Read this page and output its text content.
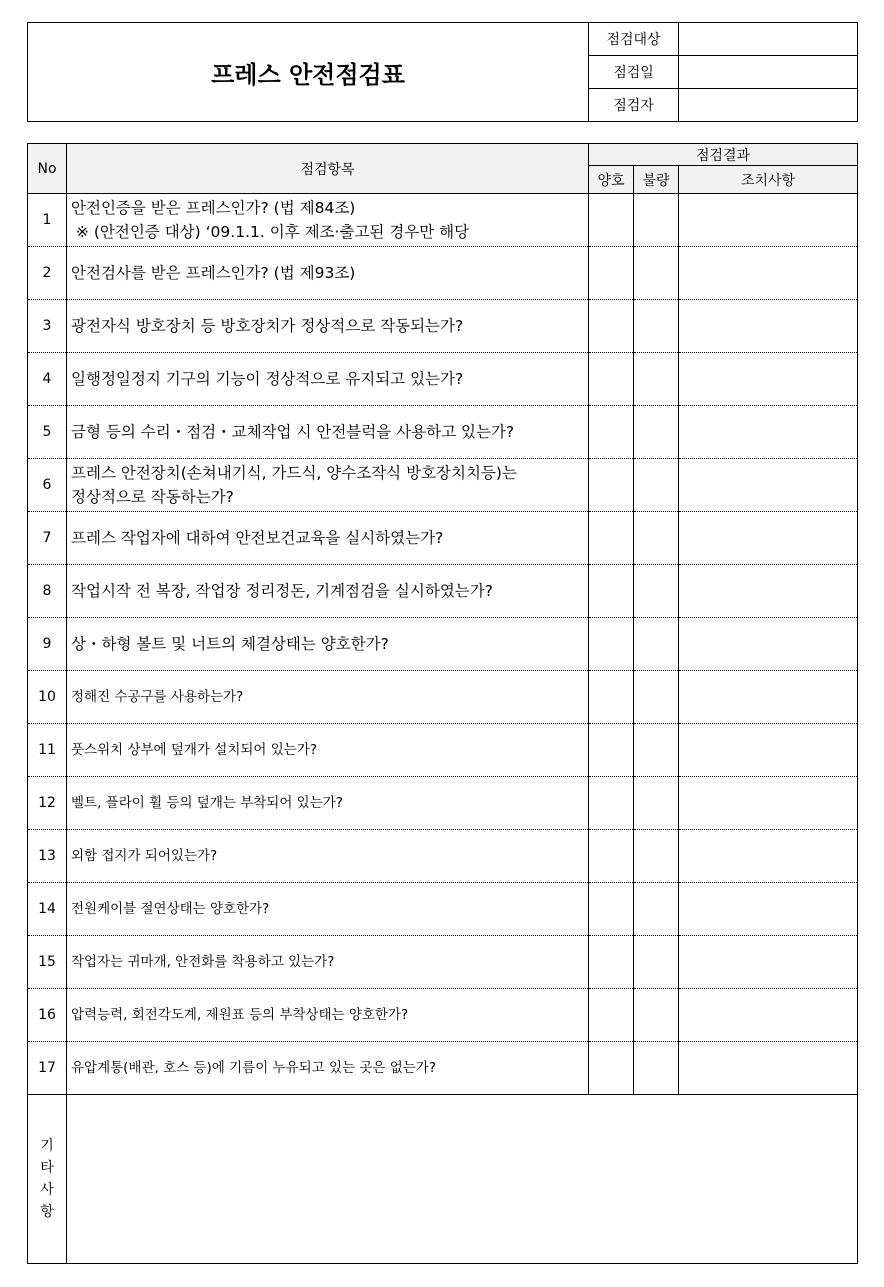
프레스 안전점검표	점검대상	
	점검일	
	점검자	
No	점검항목	점검결과		
		양호	불량	조치사항
1	안전인증을 받은 프레스인가? (법 제84조)
※ (안전인증 대상) ‘09.1.1. 이후 제조·출고된 경우만 해당			

2	안전검사를 받은 프레스인가? (법 제93조)			

3	광전자식 방호장치 등 방호장치가 정상적으로 작동되는가?			

4	일행정일정지 기구의 기능이 정상적으로 유지되고 있는가?			

5	금형 등의 수리・점검・교체작업 시 안전블럭을 사용하고 있는가?			

6	프레스 안전장치(손쳐내기식, 가드식, 양수조작식 방호장치치등)는
정상적으로 작동하는가?			

7	프레스 작업자에 대하여 안전보건교육을 실시하였는가?			

8	작업시작 전 복장, 작업장 정리정돈, 기계점검을 실시하였는가?			

9	상・하형 볼트 및 너트의 체결상태는 양호한가?			

10	정해진 수공구를 사용하는가?			

11	풋스위치 상부에 덮개가 설치되어 있는가?			

12	벨트, 플라이 휠 등의 덮개는 부착되어 있는가?			

13	외함 접지가 되어있는가?			

14	전원케이블 절연상태는 양호한가?			

15	작업자는 귀마개, 안전화를 착용하고 있는가?			

16	압력능력, 회전각도계, 제원표 등의 부착상태는 양호한가?			

17	유압계통(배관, 호스 등)에 기름이 누유되고 있는 곳은 없는가?			

기
타
사
항				
